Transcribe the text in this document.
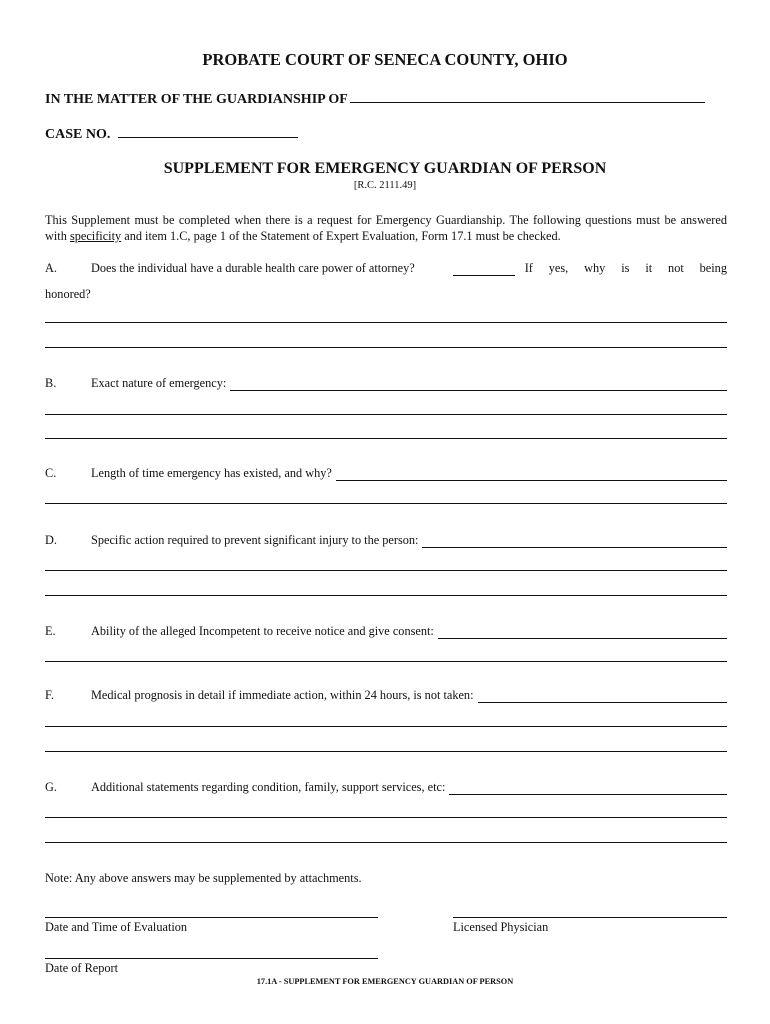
PROBATE COURT OF SENECA COUNTY, OHIO
IN THE MATTER OF THE GUARDIANSHIP OF
CASE NO.
SUPPLEMENT FOR EMERGENCY GUARDIAN OF PERSON
[R.C. 2111.49]
This Supplement must be completed when there is a request for Emergency Guardianship. The following questions must be answered with specificity and item 1.C, page 1 of the Statement of Expert Evaluation, Form 17.1 must be checked.
A.	Does the individual have a durable health care power of attorney?	If yes, why is it not being
honored?
B.	Exact nature of emergency:
C.	Length of time emergency has existed, and why?
D.	Specific action required to prevent significant injury to the person:
E.	Ability of the alleged Incompetent to receive notice and give consent:
F.	Medical prognosis in detail if immediate action, within 24 hours, is not taken:
G.	Additional statements regarding condition, family, support services, etc:
Note: Any above answers may be supplemented by attachments.
Date and Time of Evaluation	Licensed Physician
Date of Report
17.1A - SUPPLEMENT FOR EMERGENCY GUARDIAN OF PERSON
